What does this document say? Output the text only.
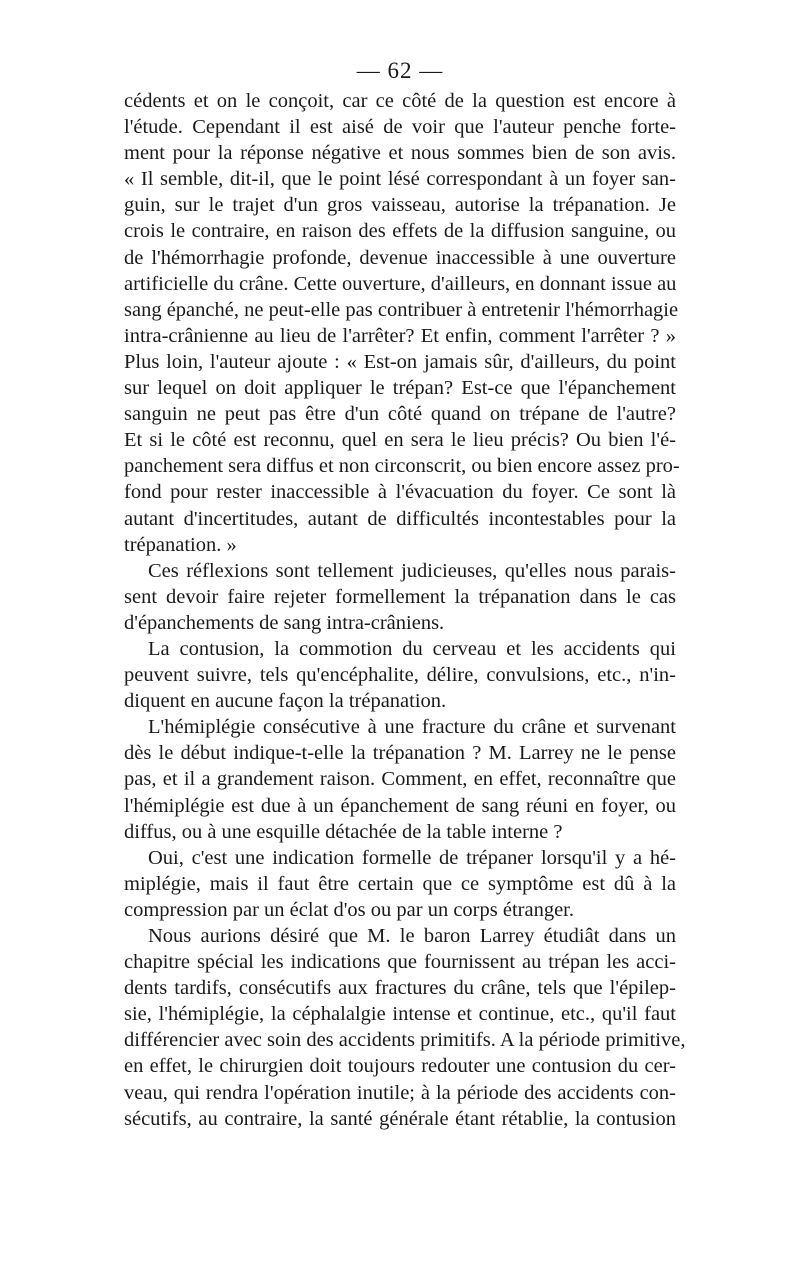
— 62 —
cédents et on le conçoit, car ce côté de la question est encore à
l'étude. Cependant il est aisé de voir que l'auteur penche forte-
ment pour la réponse négative et nous sommes bien de son avis.
« Il semble, dit-il, que le point lésé correspondant à un foyer san-
guin, sur le trajet d'un gros vaisseau, autorise la trépanation. Je
crois le contraire, en raison des effets de la diffusion sanguine, ou
de l'hémorrhagie profonde, devenue inaccessible à une ouverture
artificielle du crâne. Cette ouverture, d'ailleurs, en donnant issue au
sang épanché, ne peut-elle pas contribuer à entretenir l'hémorrhagie
intra-crânienne au lieu de l'arrêter? Et enfin, comment l'arrêter ? »
Plus loin, l'auteur ajoute : « Est-on jamais sûr, d'ailleurs, du point
sur lequel on doit appliquer le trépan? Est-ce que l'épanchement
sanguin ne peut pas être d'un côté quand on trépane de l'autre?
Et si le côté est reconnu, quel en sera le lieu précis? Ou bien l'é-
panchement sera diffus et non circonscrit, ou bien encore assez pro-
fond pour rester inaccessible à l'évacuation du foyer. Ce sont là
autant d'incertitudes, autant de difficultés incontestables pour la
trépanation. »
Ces réflexions sont tellement judicieuses, qu'elles nous parais-
sent devoir faire rejeter formellement la trépanation dans le cas
d'épanchements de sang intra-crâniens.
La contusion, la commotion du cerveau et les accidents qui
peuvent suivre, tels qu'encéphalite, délire, convulsions, etc., n'in-
diquent en aucune façon la trépanation.
L'hémiplégie consécutive à une fracture du crâne et survenant
dès le début indique-t-elle la trépanation ? M. Larrey ne le pense
pas, et il a grandement raison. Comment, en effet, reconnaître que
l'hémiplégie est due à un épanchement de sang réuni en foyer, ou
diffus, ou à une esquille détachée de la table interne ?
Oui, c'est une indication formelle de trépaner lorsqu'il y a hé-
miplégie, mais il faut être certain que ce symptôme est dû à la
compression par un éclat d'os ou par un corps étranger.
Nous aurions désiré que M. le baron Larrey étudiât dans un
chapitre spécial les indications que fournissent au trépan les acci-
dents tardifs, consécutifs aux fractures du crâne, tels que l'épilep-
sie, l'hémiplégie, la céphalalgie intense et continue, etc., qu'il faut
différencier avec soin des accidents primitifs. A la période primitive,
en effet, le chirurgien doit toujours redouter une contusion du cer-
veau, qui rendra l'opération inutile; à la période des accidents con-
sécutifs, au contraire, la santé générale étant rétablie, la contusion
